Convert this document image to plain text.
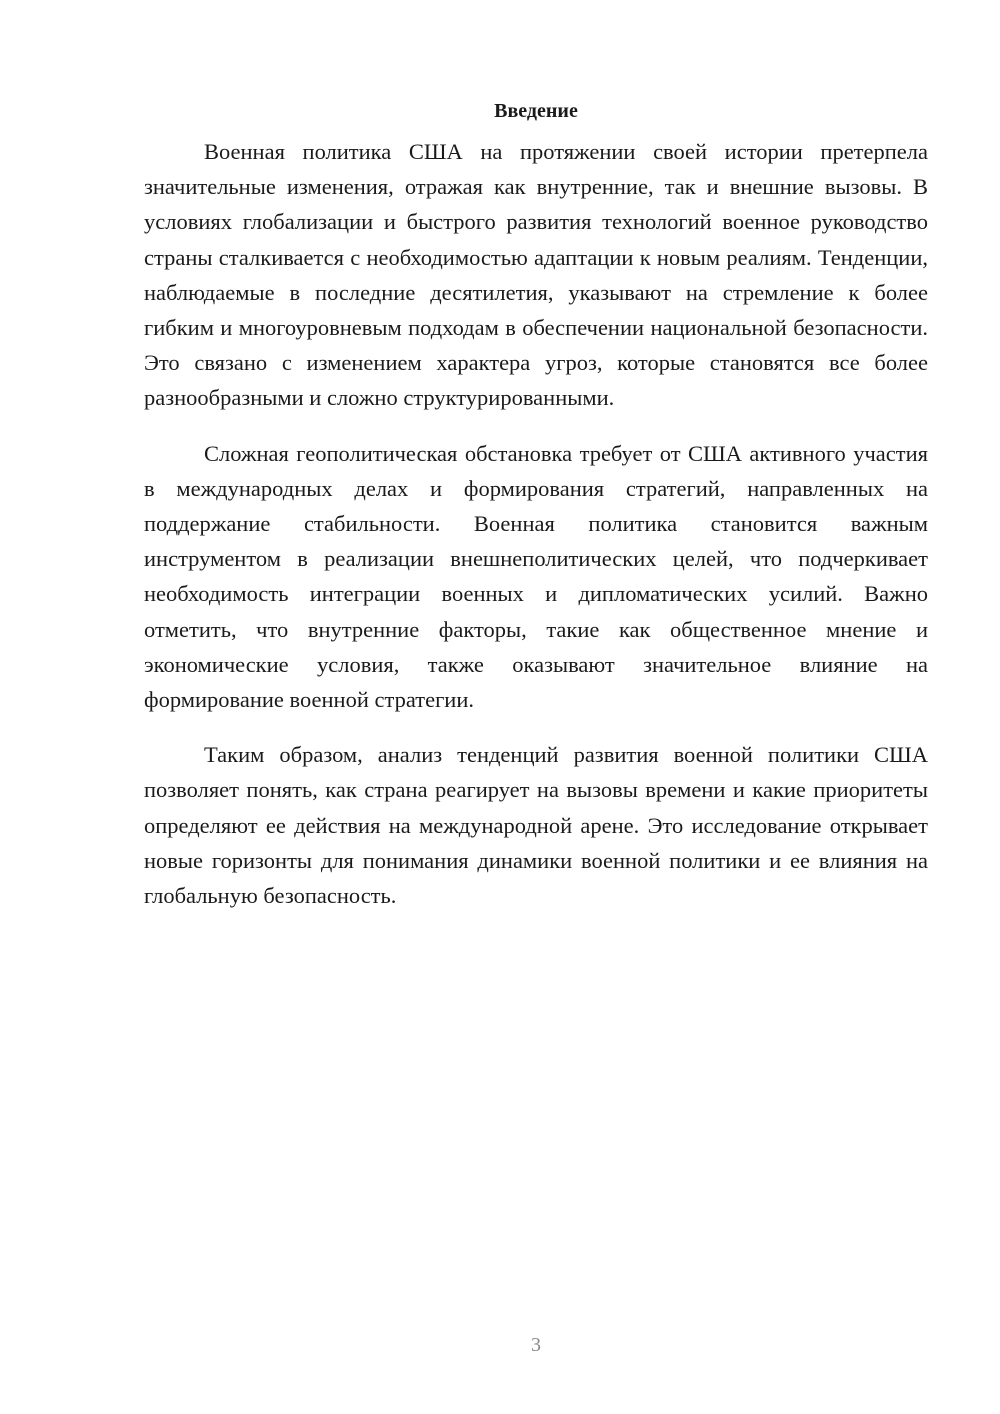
Введение

Военная политика США на протяжении своей истории претерпела значительные изменения, отражая как внутренние, так и внешние вызовы. В условиях глобализации и быстрого развития технологий военное руководство страны сталкивается с необходимостью адаптации к новым реалиям. Тенденции, наблюдаемые в последние десятилетия, указывают на стремление к более гибким и многоуровневым подходам в обеспечении национальной безопасности. Это связано с изменением характера угроз, которые становятся все более разнообразными и сложно структурированными.

Сложная геополитическая обстановка требует от США активного участия в международных делах и формирования стратегий, направленных на поддержание стабильности. Военная политика становится важным инструментом в реализации внешнеполитических целей, что подчеркивает необходимость интеграции военных и дипломатических усилий. Важно отметить, что внутренние факторы, такие как общественное мнение и экономические условия, также оказывают значительное влияние на формирование военной стратегии.

Таким образом, анализ тенденций развития военной политики США позволяет понять, как страна реагирует на вызовы времени и какие приоритеты определяют ее действия на международной арене. Это исследование открывает новые горизонты для понимания динамики военной политики и ее влияния на глобальную безопасность.

3
